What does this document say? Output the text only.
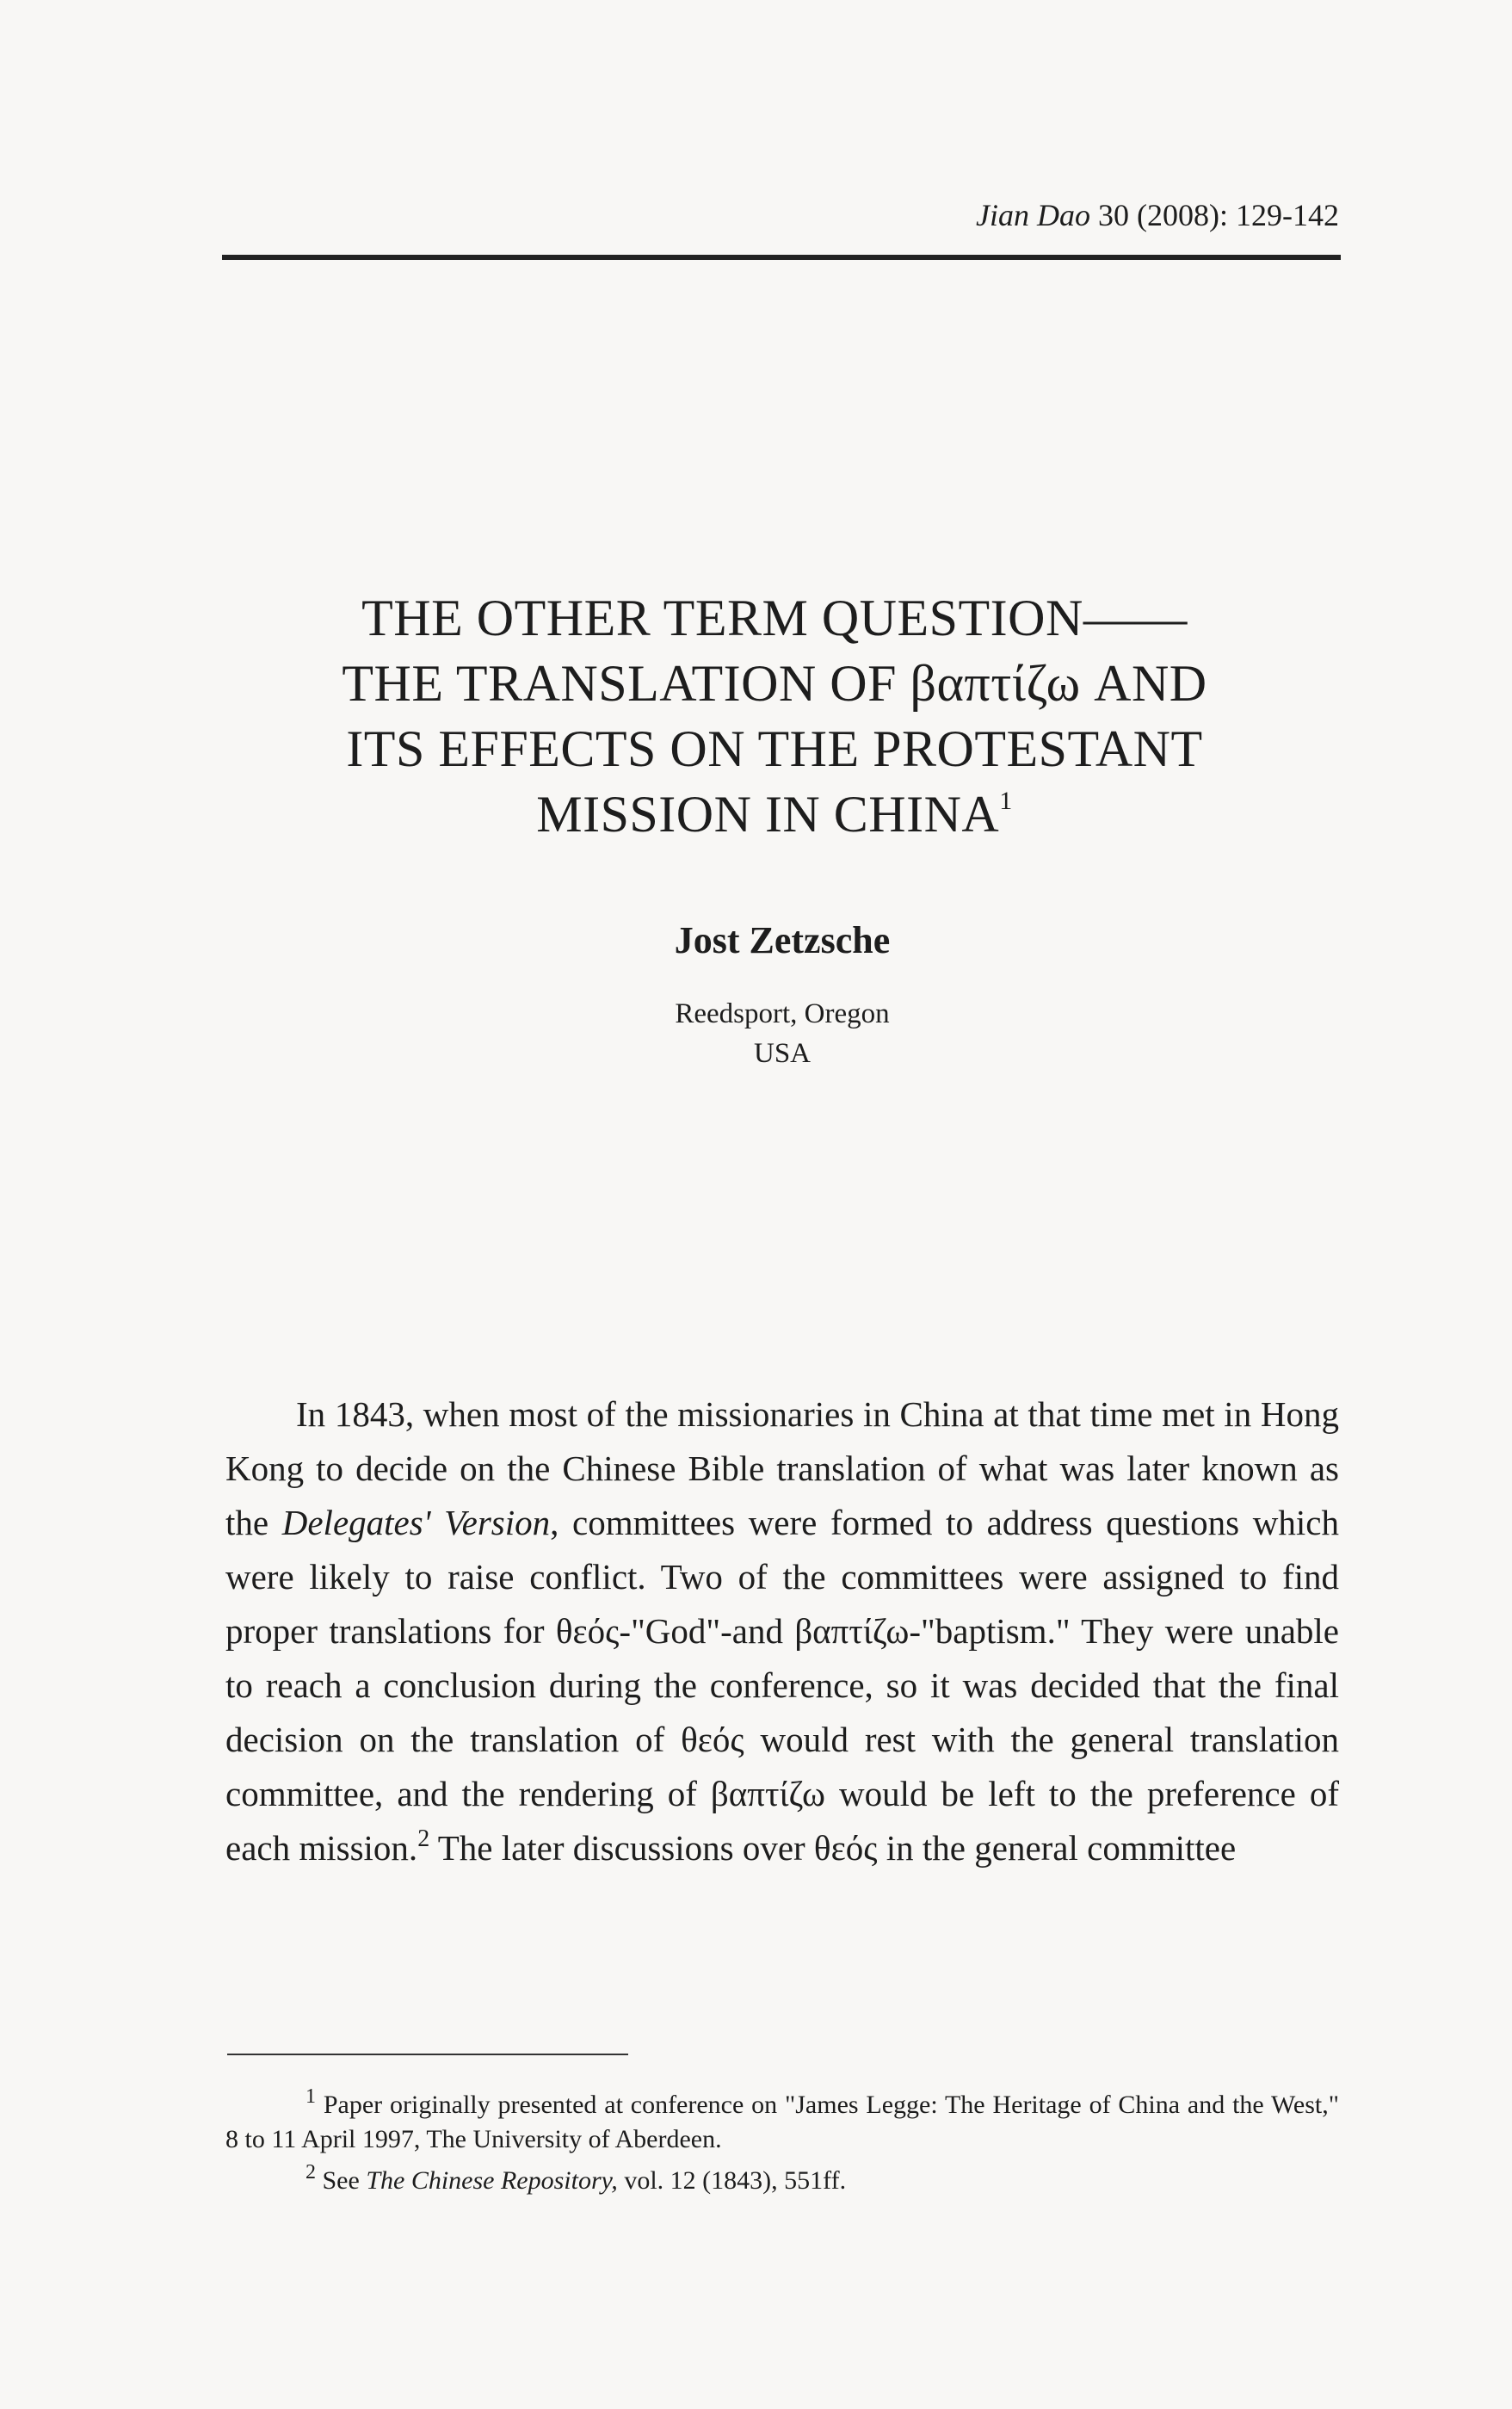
Jian Dao 30 (2008): 129-142
THE OTHER TERM QUESTION——
THE TRANSLATION OF βαπτίζω AND
ITS EFFECTS ON THE PROTESTANT
MISSION IN CHINA$^1$
Jost Zetzsche
Reedsport, Oregon
USA

In 1843, when most of the missionaries in China at that time met in Hong Kong to decide on the Chinese Bible translation of what was later known as the Delegates' Version, committees were formed to address questions which were likely to raise conflict. Two of the committees were assigned to find proper translations for θεός-"God"-and βαπτίζω-"baptism." They were unable to reach a conclusion during the conference, so it was decided that the final decision on the translation of θεός would rest with the general translation committee, and the rendering of βαπτίζω would be left to the preference of each mission.$^2$ The later discussions over θεός in the general committee

$^1$ Paper originally presented at conference on "James Legge: The Heritage of China and the West," 8 to 11 April 1997, The University of Aberdeen.

$^2$ See The Chinese Repository, vol. 12 (1843), 551ff.
